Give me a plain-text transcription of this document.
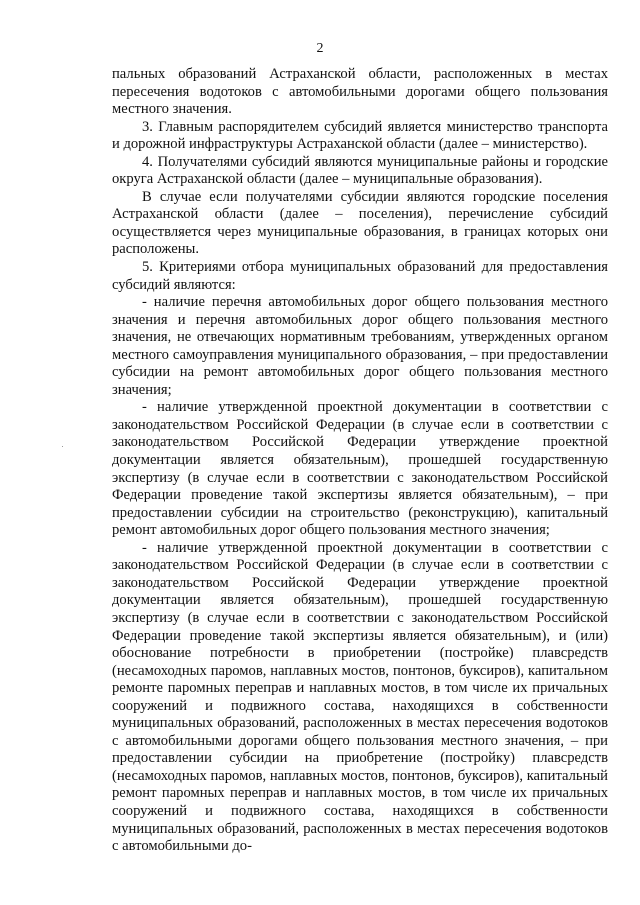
2

пальных образований Астраханской области, расположенных в местах пересечения водотоков с автомобильными дорогами общего пользования местного значения.

3. Главным распорядителем субсидий является министерство транспорта и дорожной инфраструктуры Астраханской области (далее – министерство).

4. Получателями субсидий являются муниципальные районы и городские округа Астраханской области (далее – муниципальные образования).

В случае если получателями субсидии являются городские поселения Астраханской области (далее – поселения), перечисление субсидий осуществляется через муниципальные образования, в границах которых они расположены.

5. Критериями отбора муниципальных образований для предоставления субсидий являются:

- наличие перечня автомобильных дорог общего пользования местного значения и перечня автомобильных дорог общего пользования местного значения, не отвечающих нормативным требованиям, утвержденных органом местного самоуправления муниципального образования, – при предоставлении субсидии на ремонт автомобильных дорог общего пользования местного значения;

- наличие утвержденной проектной документации в соответствии с законодательством Российской Федерации (в случае если в соответствии с законодательством Российской Федерации утверждение проектной документации является обязательным), прошедшей государственную экспертизу (в случае если в соответствии с законодательством Российской Федерации проведение такой экспертизы является обязательным), – при предоставлении субсидии на строительство (реконструкцию), капитальный ремонт автомобильных дорог общего пользования местного значения;

- наличие утвержденной проектной документации в соответствии с законодательством Российской Федерации (в случае если в соответствии с законодательством Российской Федерации утверждение проектной документации является обязательным), прошедшей государственную экспертизу (в случае если в соответствии с законодательством Российской Федерации проведение такой экспертизы является обязательным), и (или) обоснование потребности в приобретении (постройке) плавсредств (несамоходных паромов, наплавных мостов, понтонов, буксиров), капитальном ремонте паромных переправ и наплавных мостов, в том числе их причальных сооружений и подвижного состава, находящихся в собственности муниципальных образований, расположенных в местах пересечения водотоков с автомобильными дорогами общего пользования местного значения, – при предоставлении субсидии на приобретение (постройку) плавсредств (несамоходных паромов, наплавных мостов, понтонов, буксиров), капитальный ремонт паромных переправ и наплавных мостов, в том числе их причальных сооружений и подвижного состава, находящихся в собственности муниципальных образований, расположенных в местах пересечения водотоков с автомобильными до-
